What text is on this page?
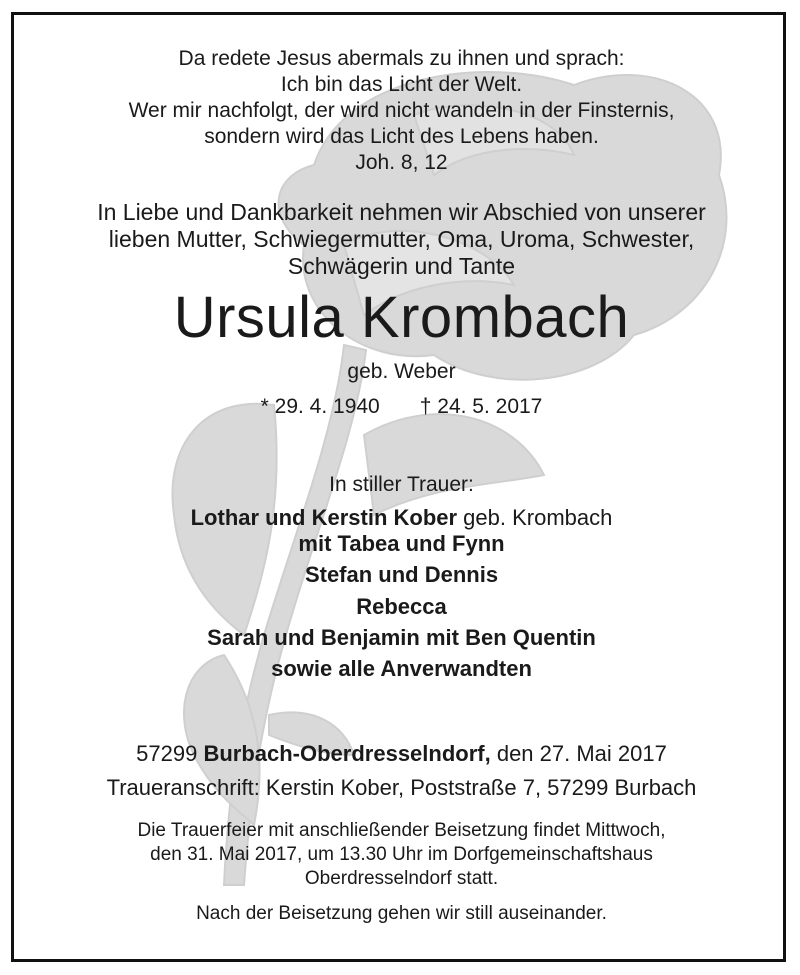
Da redete Jesus abermals zu ihnen und sprach:
Ich bin das Licht der Welt.
Wer mir nachfolgt, der wird nicht wandeln in der Finsternis,
sondern wird das Licht des Lebens haben.
Joh. 8, 12
In Liebe und Dankbarkeit nehmen wir Abschied von unserer
lieben Mutter, Schwiegermutter, Oma, Uroma, Schwester,
Schwägerin und Tante
Ursula Krombach
geb. Weber
* 29. 4. 1940 † 24. 5. 2017
In stiller Trauer:
Lothar und Kerstin Kober geb. Krombach
mit Tabea und Fynn
Stefan und Dennis
Rebecca
Sarah und Benjamin mit Ben Quentin
sowie alle Anverwandten
57299 Burbach-Oberdresselndorf, den 27. Mai 2017
Traueranschrift: Kerstin Kober, Poststraße 7, 57299 Burbach
Die Trauerfeier mit anschließender Beisetzung findet Mittwoch,
den 31. Mai 2017, um 13.30 Uhr im Dorfgemeinschaftshaus
Oberdresselndorf statt.
Nach der Beisetzung gehen wir still auseinander.
